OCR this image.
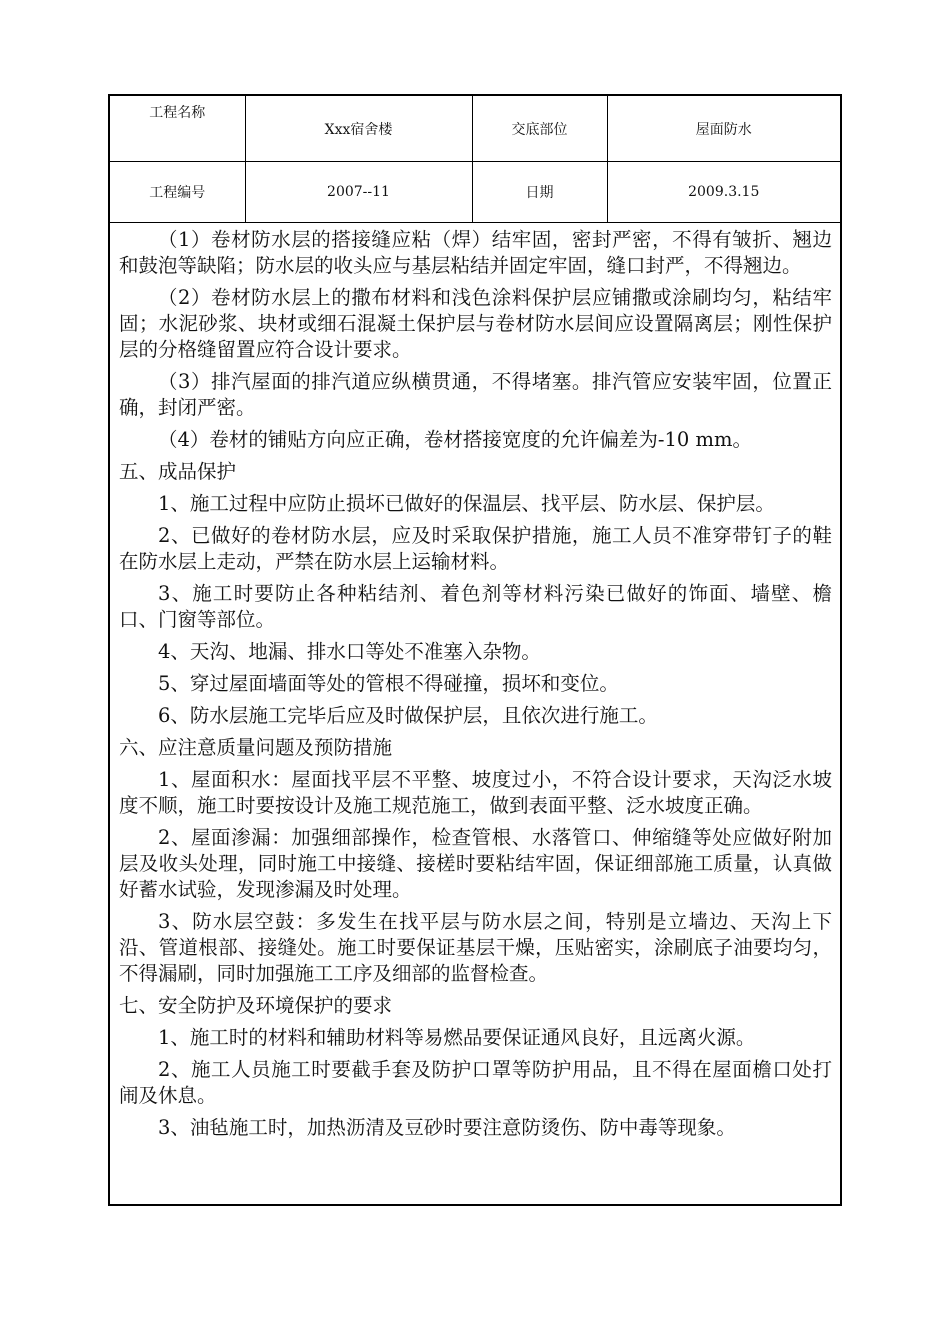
工程名称	Xxx宿舍楼	交底部位	屋面防水
工程编号	2007--11	日期	2009.3.15

（1）卷材防水层的搭接缝应粘（焊）结牢固，密封严密，不得有皱折、翘边和鼓泡等缺陷；防水层的收头应与基层粘结并固定牢固，缝口封严，不得翘边。

（2）卷材防水层上的撒布材料和浅色涂料保护层应铺撒或涂刷均匀，粘结牢固；水泥砂浆、块材或细石混凝土保护层与卷材防水层间应设置隔离层；刚性保护层的分格缝留置应符合设计要求。

（3）排汽屋面的排汽道应纵横贯通，不得堵塞。排汽管应安装牢固，位置正确，封闭严密。

（4）卷材的铺贴方向应正确，卷材搭接宽度的允许偏差为-10 mm。

五、成品保护

1、施工过程中应防止损坏已做好的保温层、找平层、防水层、保护层。

2、已做好的卷材防水层，应及时采取保护措施，施工人员不准穿带钉子的鞋在防水层上走动，严禁在防水层上运输材料。

3、施工时要防止各种粘结剂、着色剂等材料污染已做好的饰面、墙壁、檐口、门窗等部位。

4、天沟、地漏、排水口等处不准塞入杂物。

5、穿过屋面墙面等处的管根不得碰撞，损坏和变位。

6、防水层施工完毕后应及时做保护层，且依次进行施工。

六、应注意质量问题及预防措施

1、屋面积水：屋面找平层不平整、坡度过小，不符合设计要求，天沟泛水坡度不顺，施工时要按设计及施工规范施工，做到表面平整、泛水坡度正确。

2、屋面渗漏：加强细部操作，检查管根、水落管口、伸缩缝等处应做好附加层及收头处理，同时施工中接缝、接槎时要粘结牢固，保证细部施工质量，认真做好蓄水试验，发现渗漏及时处理。

3、防水层空鼓：多发生在找平层与防水层之间，特别是立墙边、天沟上下沿、管道根部、接缝处。施工时要保证基层干燥，压贴密实，涂刷底子油要均匀，不得漏刷，同时加强施工工序及细部的监督检查。

七、安全防护及环境保护的要求

1、施工时的材料和辅助材料等易燃品要保证通风良好，且远离火源。

2、施工人员施工时要截手套及防护口罩等防护用品，且不得在屋面檐口处打闹及休息。

3、油毡施工时，加热沥清及豆砂时要注意防烫伤、防中毒等现象。
